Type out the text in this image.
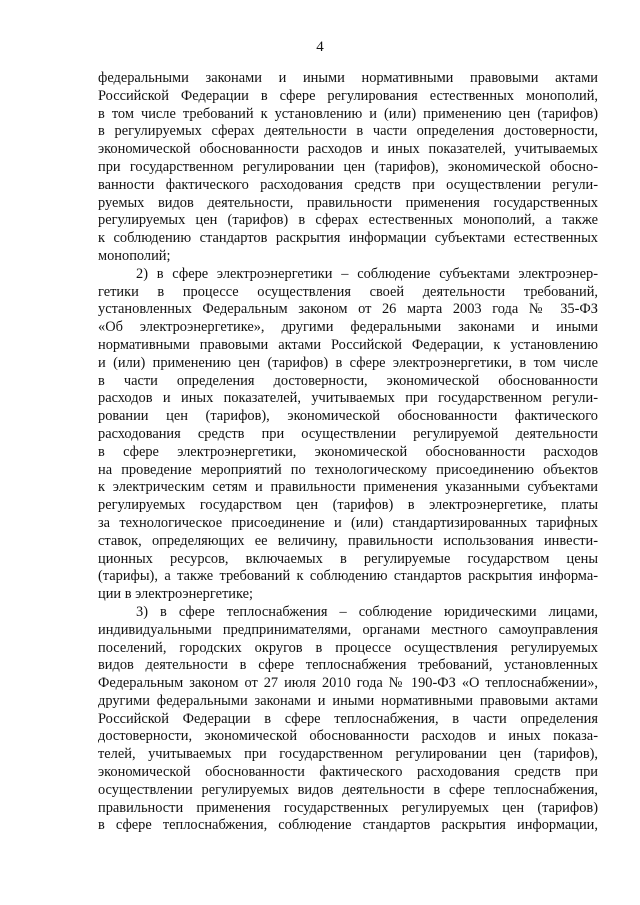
4
федеральными законами и иными нормативными правовыми актами
Российской Федерации в сфере регулирования естественных монополий,
в том числе требований к установлению и (или) применению цен (тарифов)
в регулируемых сферах деятельности в части определения достоверности,
экономической обоснованности расходов и иных показателей, учитываемых
при государственном регулировании цен (тарифов), экономической обосно-
ванности фактического расходования средств при осуществлении регули-
руемых видов деятельности, правильности применения государственных
регулируемых цен (тарифов) в сферах естественных монополий, а также
к соблюдению стандартов раскрытия информации субъектами естественных
монополий;
2) в сфере электроэнергетики – соблюдение субъектами электроэнер-
гетики в процессе осуществления своей деятельности требований,
установленных Федеральным законом от 26 марта 2003 года № 35-ФЗ
«Об электроэнергетике», другими федеральными законами и иными
нормативными правовыми актами Российской Федерации, к установлению
и (или) применению цен (тарифов) в сфере электроэнергетики, в том числе
в части определения достоверности, экономической обоснованности
расходов и иных показателей, учитываемых при государственном регули-
ровании цен (тарифов), экономической обоснованности фактического
расходования средств при осуществлении регулируемой деятельности
в сфере электроэнергетики, экономической обоснованности расходов
на проведение мероприятий по технологическому присоединению объектов
к электрическим сетям и правильности применения указанными субъектами
регулируемых государством цен (тарифов) в электроэнергетике, платы
за технологическое присоединение и (или) стандартизированных тарифных
ставок, определяющих ее величину, правильности использования инвести-
ционных ресурсов, включаемых в регулируемые государством цены
(тарифы), а также требований к соблюдению стандартов раскрытия информа-
ции в электроэнергетике;
3) в сфере теплоснабжения – соблюдение юридическими лицами,
индивидуальными предпринимателями, органами местного самоуправления
поселений, городских округов в процессе осуществления регулируемых
видов деятельности в сфере теплоснабжения требований, установленных
Федеральным законом от 27 июля 2010 года № 190-ФЗ «О теплоснабжении»,
другими федеральными законами и иными нормативными правовыми актами
Российской Федерации в сфере теплоснабжения, в части определения
достоверности, экономической обоснованности расходов и иных показа-
телей, учитываемых при государственном регулировании цен (тарифов),
экономической обоснованности фактического расходования средств при
осуществлении регулируемых видов деятельности в сфере теплоснабжения,
правильности применения государственных регулируемых цен (тарифов)
в сфере теплоснабжения, соблюдение стандартов раскрытия информации,
